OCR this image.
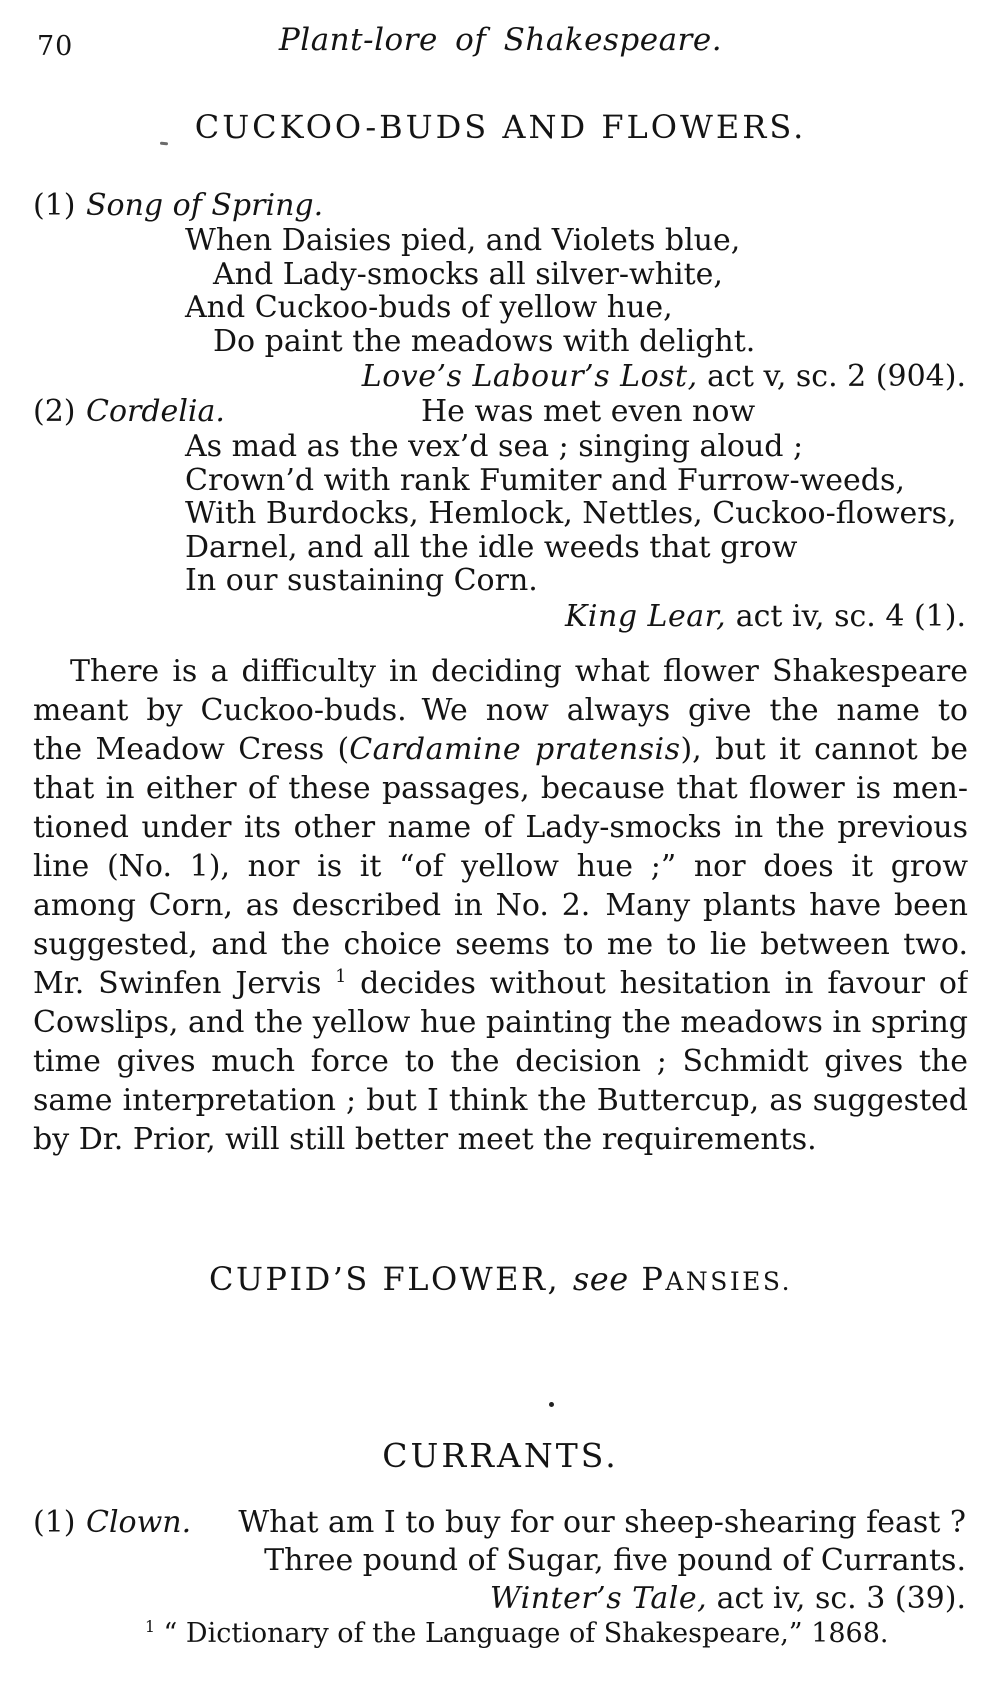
70	Plant-lore of Shakespeare.
CUCKOO-BUDS AND FLOWERS.
(1) Song of Spring.
When Daisies pied, and Violets blue,
And Lady-smocks all silver-white,
And Cuckoo-buds of yellow hue,
Do paint the meadows with delight.
Love’s Labour’s Lost, act v, sc. 2 (904).
(2) Cordelia.	He was met even now
As mad as the vex’d sea ; singing aloud ;
Crown’d with rank Fumiter and Furrow-weeds,
With Burdocks, Hemlock, Nettles, Cuckoo-flowers,
Darnel, and all the idle weeds that grow
In our sustaining Corn.
King Lear, act iv, sc. 4 (1).
There is a difficulty in deciding what flower Shakespeare
meant by Cuckoo-buds. We now always give the name to
the Meadow Cress (Cardamine pratensis), but it cannot be
that in either of these passages, because that flower is men-
tioned under its other name of Lady-smocks in the previous
line (No. 1), nor is it “of yellow hue ;” nor does it grow
among Corn, as described in No. 2. Many plants have been
suggested, and the choice seems to me to lie between two.
Mr. Swinfen Jervis $^1$ decides without hesitation in favour of
Cowslips, and the yellow hue painting the meadows in spring
time gives much force to the decision ; Schmidt gives the
same interpretation ; but I think the Buttercup, as suggested
by Dr. Prior, will still better meet the requirements.
CUPID’S FLOWER, see PANSIES.
CURRANTS.
(1) Clown. What am I to buy for our sheep-shearing feast ?
Three pound of Sugar, five pound of Currants.
Winter’s Tale, act iv, sc. 3 (39).
$^1$ “ Dictionary of the Language of Shakespeare,” 1868.
